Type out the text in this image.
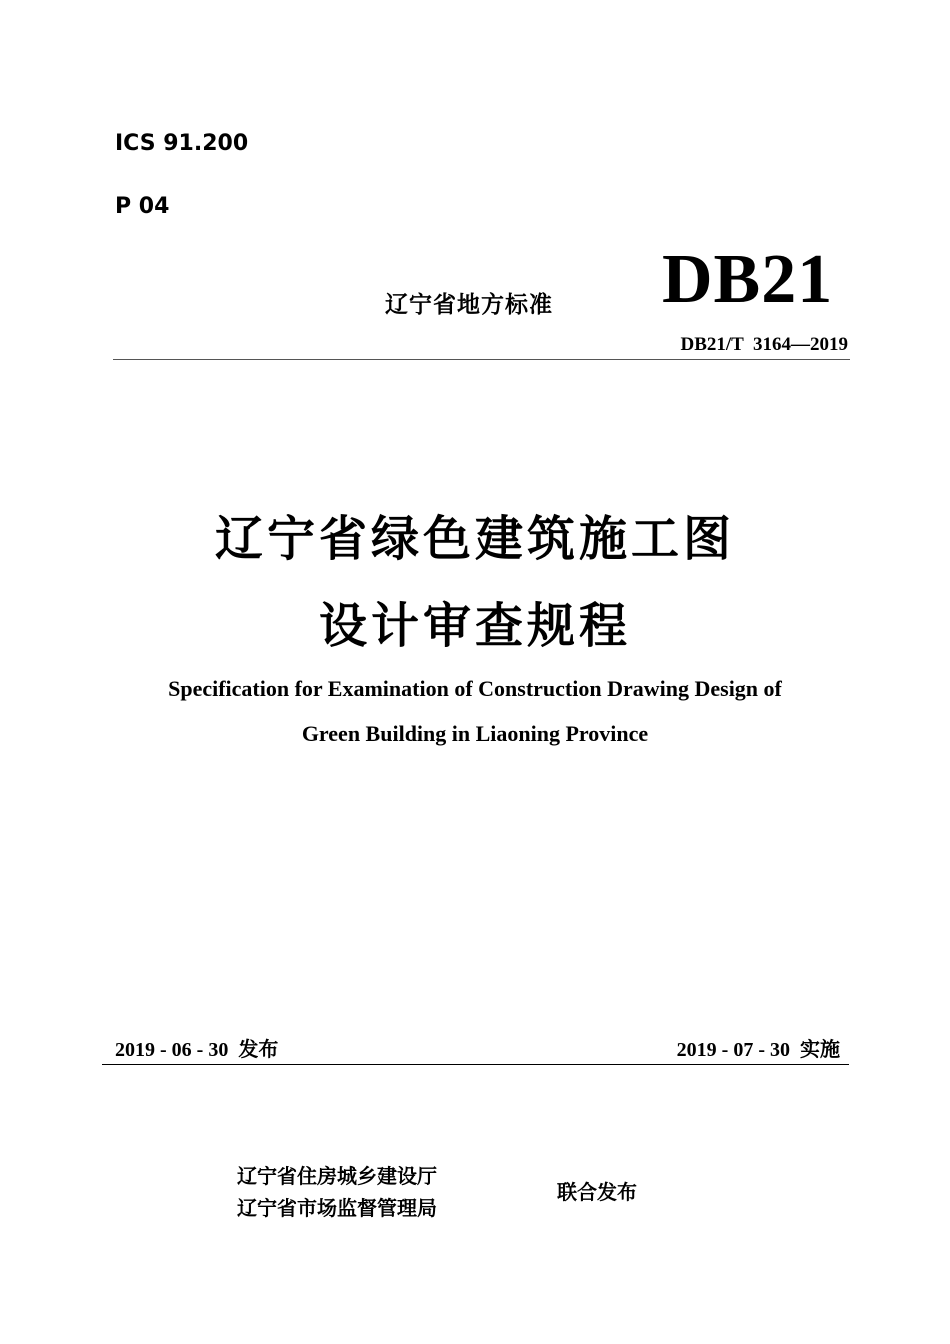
ICS 91.200
P 04
辽宁省地方标准 DB21
DB21/T  3164—2019
辽宁省绿色建筑施工图
设计审查规程
Specification for Examination of Construction Drawing Design of
Green Building in Liaoning Province
2019 - 06 - 30 发布	2019 - 07 - 30 实施
辽宁省住房城乡建设厅
辽宁省市场监督管理局
联合发布
